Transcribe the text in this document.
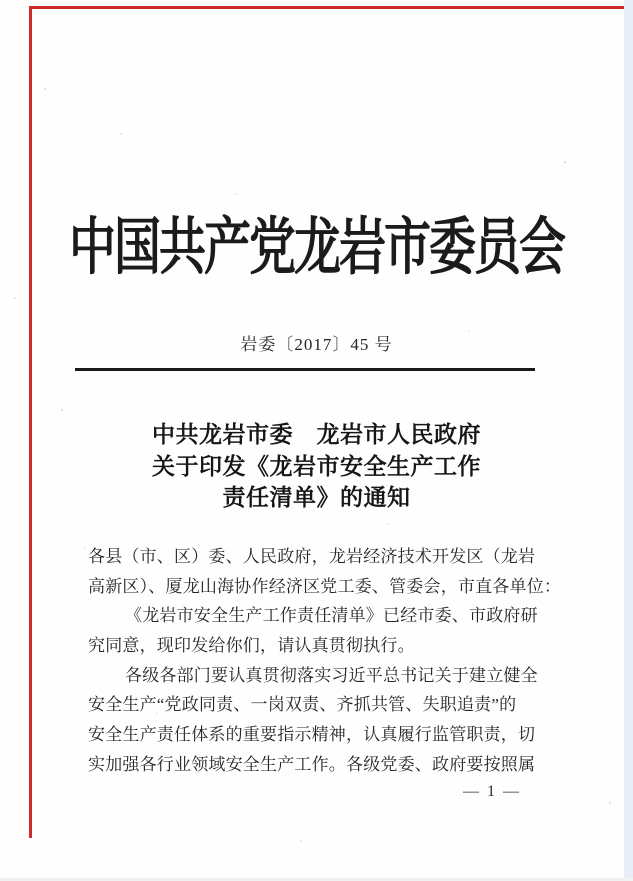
中国共产党龙岩市委员会
岩委〔2017〕45 号
中共龙岩市委　龙岩市人民政府
关于印发《龙岩市安全生产工作
责任清单》的通知
各县（市、区）委、人民政府，龙岩经济技术开发区（龙岩
高新区）、厦龙山海协作经济区党工委、管委会，市直各单位：
《龙岩市安全生产工作责任清单》已经市委、市政府研
究同意，现印发给你们，请认真贯彻执行。
各级各部门要认真贯彻落实习近平总书记关于建立健全
安全生产“党政同责、一岗双责、齐抓共管、失职追责”的
安全生产责任体系的重要指示精神，认真履行监管职责，切
实加强各行业领域安全生产工作。各级党委、政府要按照属
— 1 —
